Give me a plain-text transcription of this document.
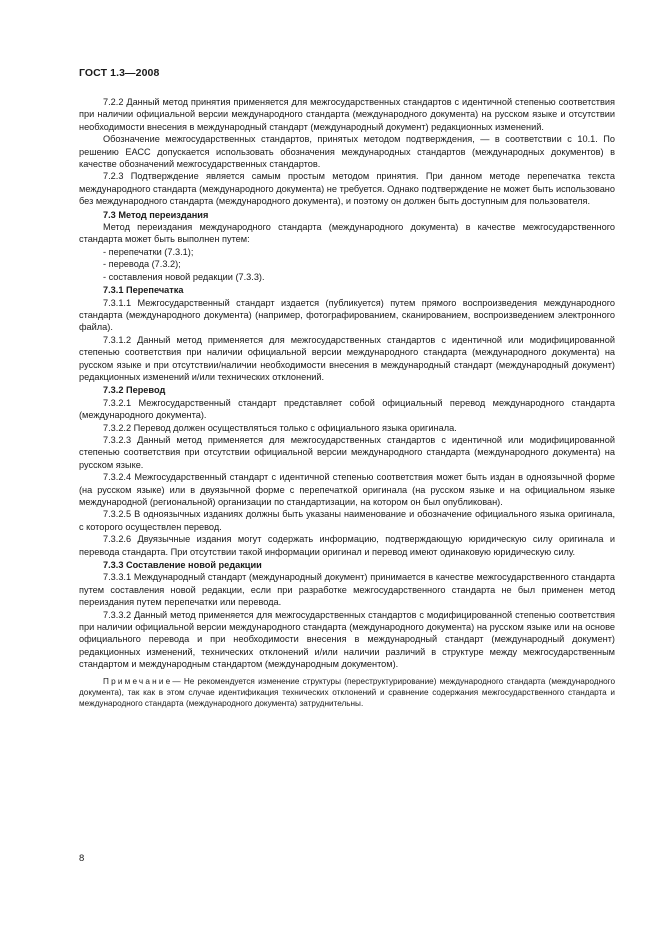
ГОСТ 1.3—2008

7.2.2 Данный метод принятия применяется для межгосударственных стандартов с идентичной степенью соответствия при наличии официальной версии международного стандарта (международного документа) на русском языке и отсутствии необходимости внесения в международный стандарт (международный документ) редакционных изменений.

Обозначение межгосударственных стандартов, принятых методом подтверждения, — в соответствии с 10.1. По решению ЕАСС допускается использовать обозначения международных стандартов (международных документов) в качестве обозначений межгосударственных стандартов.

7.2.3 Подтверждение является самым простым методом принятия. При данном методе перепечатка текста международного стандарта (международного документа) не требуется. Однако подтверждение не может быть использовано без международного стандарта (международного документа), и поэтому он должен быть доступным для пользователя.

7.3 Метод переиздания

Метод переиздания международного стандарта (международного документа) в качестве межгосударственного стандарта может быть выполнен путем:

- перепечатки (7.3.1);

- перевода (7.3.2);

- составления новой редакции (7.3.3).

7.3.1 Перепечатка

7.3.1.1 Межгосударственный стандарт издается (публикуется) путем прямого воспроизведения международного стандарта (международного документа) (например, фотографированием, сканированием, воспроизведением электронного файла).

7.3.1.2 Данный метод применяется для межгосударственных стандартов с идентичной или модифицированной степенью соответствия при наличии официальной версии международного стандарта (международного документа) на русском языке и при отсутствии/наличии необходимости внесения в международный стандарт (международный документ) редакционных изменений и/или технических отклонений.

7.3.2 Перевод

7.3.2.1 Межгосударственный стандарт представляет собой официальный перевод международного стандарта (международного документа).

7.3.2.2 Перевод должен осуществляться только с официального языка оригинала.

7.3.2.3 Данный метод применяется для межгосударственных стандартов с идентичной или модифицированной степенью соответствия при отсутствии официальной версии международного стандарта (международного документа) на русском языке.

7.3.2.4 Межгосударственный стандарт с идентичной степенью соответствия может быть издан в одноязычной форме (на русском языке) или в двуязычной форме с перепечаткой оригинала (на русском языке и на официальном языке международной (региональной) организации по стандартизации, на котором он был опубликован).

7.3.2.5 В одноязычных изданиях должны быть указаны наименование и обозначение официального языка оригинала, с которого осуществлен перевод.

7.3.2.6 Двуязычные издания могут содержать информацию, подтверждающую юридическую силу оригинала и перевода стандарта. При отсутствии такой информации оригинал и перевод имеют одинаковую юридическую силу.

7.3.3 Составление новой редакции

7.3.3.1 Международный стандарт (международный документ) принимается в качестве межгосударственного стандарта путем составления новой редакции, если при разработке межгосударственного стандарта не был применен метод переиздания путем перепечатки или перевода.

7.3.3.2 Данный метод применяется для межгосударственных стандартов с модифицированной степенью соответствия при наличии официальной версии международного стандарта (международного документа) на русском языке или на основе официального перевода и при необходимости внесения в международный стандарт (международный документ) редакционных изменений, технических отклонений и/или наличии различий в структуре между межгосударственным стандартом и международным стандартом (международным документом).

Примечание— Не рекомендуется изменение структуры (переструктурирование) международного стандарта (международного документа), так как в этом случае идентификация технических отклонений и сравнение содержания межгосударственного стандарта и международного стандарта (международного документа) затруднительны.

8
